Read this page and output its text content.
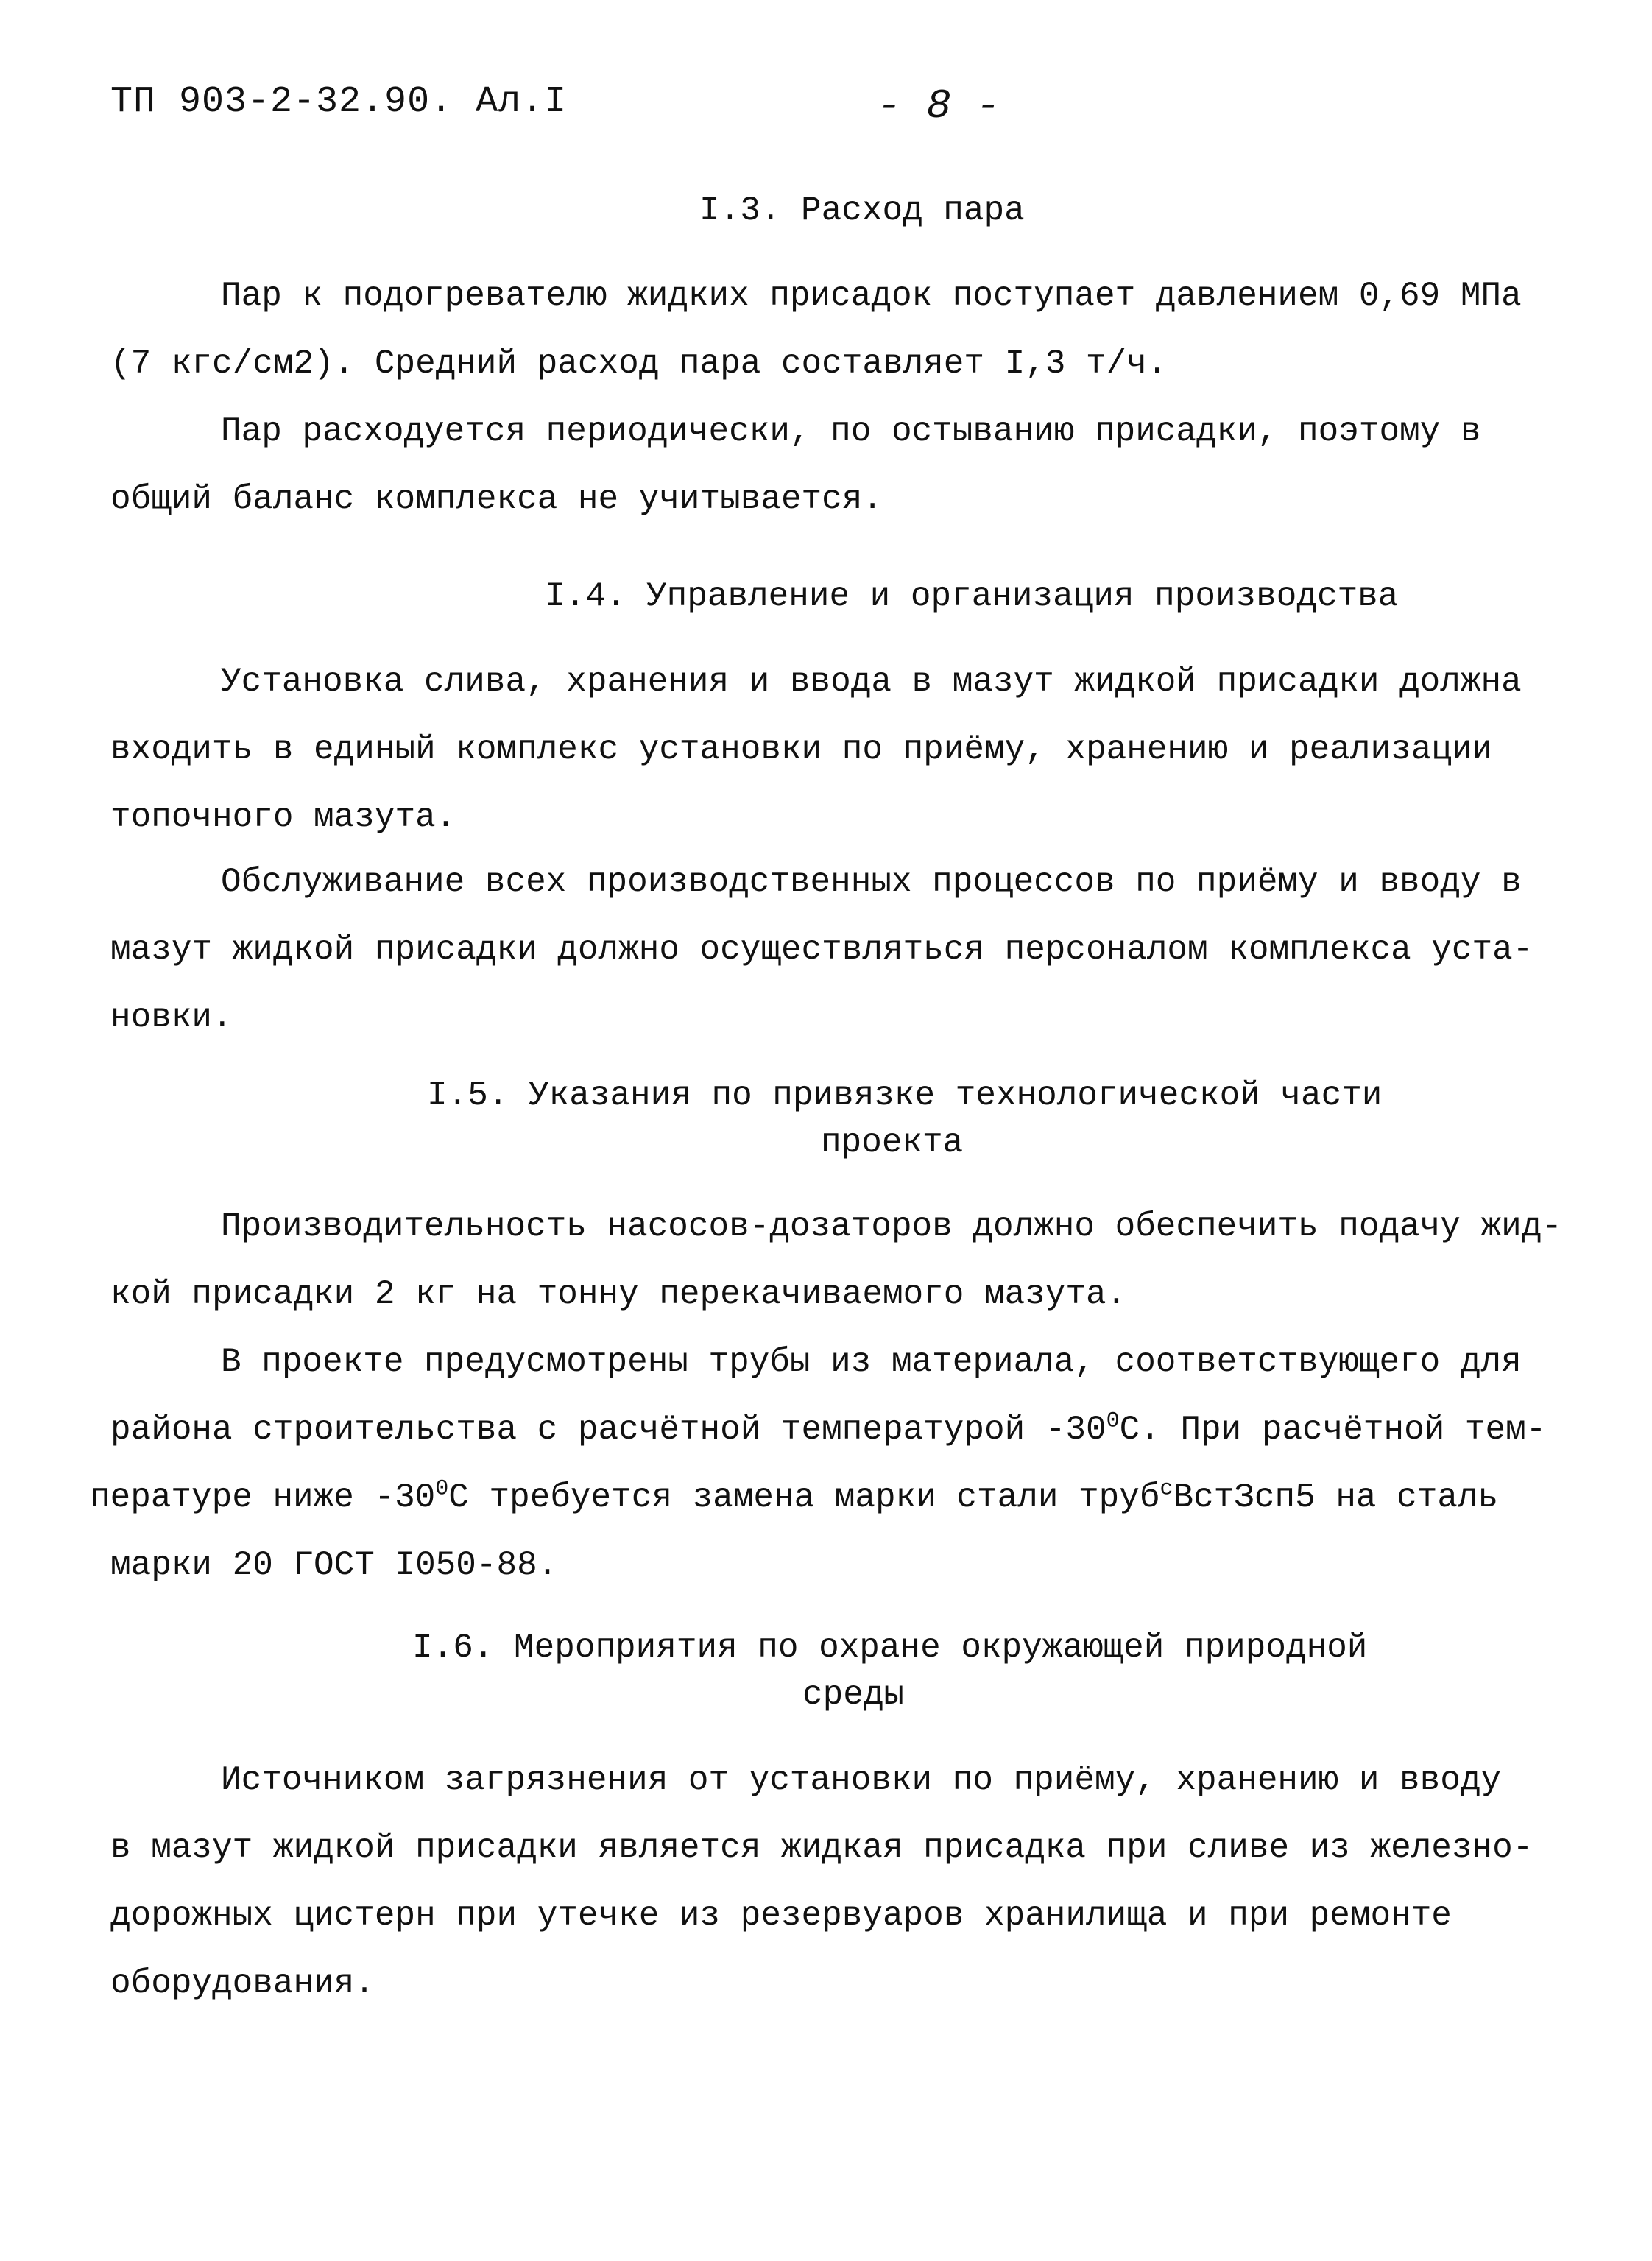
ТП 903-2-32.90. Ал.I	- 8 -
I.3. Расход пара
Пар к подогревателю жидких присадок поступает давлением 0,69 МПа
(7 кгс/см2). Средний расход пара составляет I,3 т/ч.
Пар расходуется периодически, по остыванию присадки, поэтому в
общий баланс комплекса не учитывается.
I.4. Управление и организация производства
Установка слива, хранения и ввода в мазут жидкой присадки должна
входить в единый комплекс установки по приёму, хранению и реализации
топочного мазута.
Обслуживание всех производственных процессов по приёму и вводу в
мазут жидкой присадки должно осуществляться персоналом комплекса уста-
новки.
I.5. Указания по привязке технологической части
проекта
Производительность насосов-дозаторов должно обеспечить подачу жид-
кой присадки 2 кг на тонну перекачиваемого мазута.
В проекте предусмотрены трубы из материала, соответствующего для
района строительства с расчётной температурой $-30^0С$. При расчётной тем-
пературе ниже $-30^0С$ требуется замена марки стали труб$^с$ВстЗсп5 на сталь
марки 20 ГОСТ I050-88.
I.6. Мероприятия по охране окружающей природной
среды
Источником загрязнения от установки по приёму, хранению и вводу
в мазут жидкой присадки является жидкая присадка при сливе из железно-
дорожных цистерн при утечке из резервуаров хранилища и при ремонте
оборудования.
